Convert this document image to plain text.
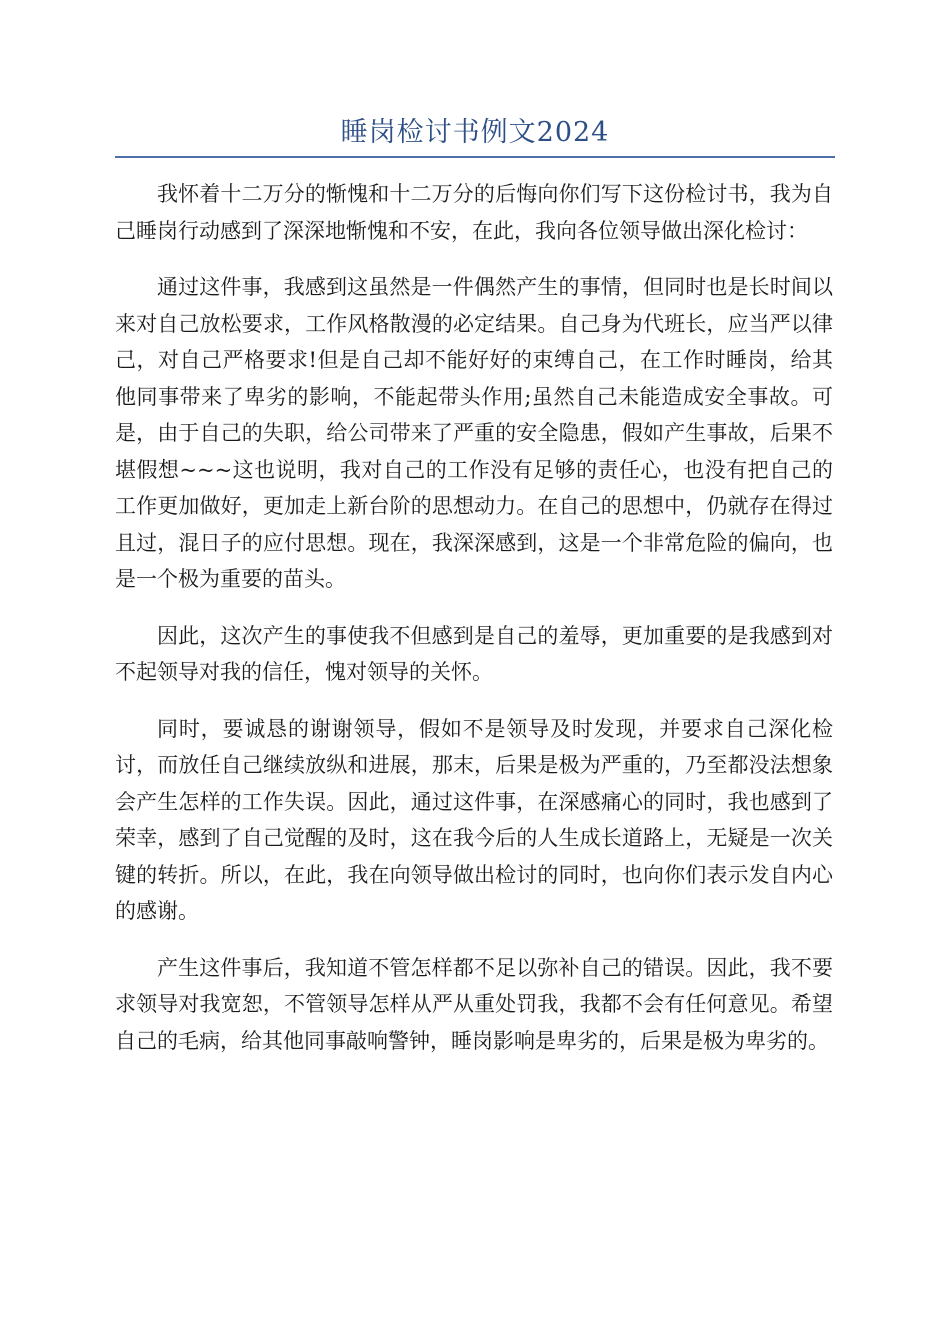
睡岗检讨书例文2024

我怀着十二万分的惭愧和十二万分的后悔向你们写下这份检讨书，我为自己睡岗行动感到了深深地惭愧和不安，在此，我向各位领导做出深化检讨：

通过这件事，我感到这虽然是一件偶然产生的事情，但同时也是长时间以来对自己放松要求，工作风格散漫的必定结果。自己身为代班长，应当严以律己，对自己严格要求!但是自己却不能好好的束缚自己，在工作时睡岗，给其他同事带来了卑劣的影响，不能起带头作用;虽然自己未能造成安全事故。可是，由于自己的失职，给公司带来了严重的安全隐患，假如产生事故，后果不堪假想~~~这也说明，我对自己的工作没有足够的责任心，也没有把自己的工作更加做好，更加走上新台阶的思想动力。在自己的思想中，仍就存在得过且过，混日子的应付思想。现在，我深深感到，这是一个非常危险的偏向，也是一个极为重要的苗头。

因此，这次产生的事使我不但感到是自己的羞辱，更加重要的是我感到对不起领导对我的信任，愧对领导的关怀。

同时，要诚恳的谢谢领导，假如不是领导及时发现，并要求自己深化检讨，而放任自己继续放纵和进展，那末，后果是极为严重的，乃至都没法想象会产生怎样的工作失误。因此，通过这件事，在深感痛心的同时，我也感到了荣幸，感到了自己觉醒的及时，这在我今后的人生成长道路上，无疑是一次关键的转折。所以，在此，我在向领导做出检讨的同时，也向你们表示发自内心的感谢。

产生这件事后，我知道不管怎样都不足以弥补自己的错误。因此，我不要求领导对我宽恕，不管领导怎样从严从重处罚我，我都不会有任何意见。希望自己的毛病，给其他同事敲响警钟，睡岗影响是卑劣的，后果是极为卑劣的。
